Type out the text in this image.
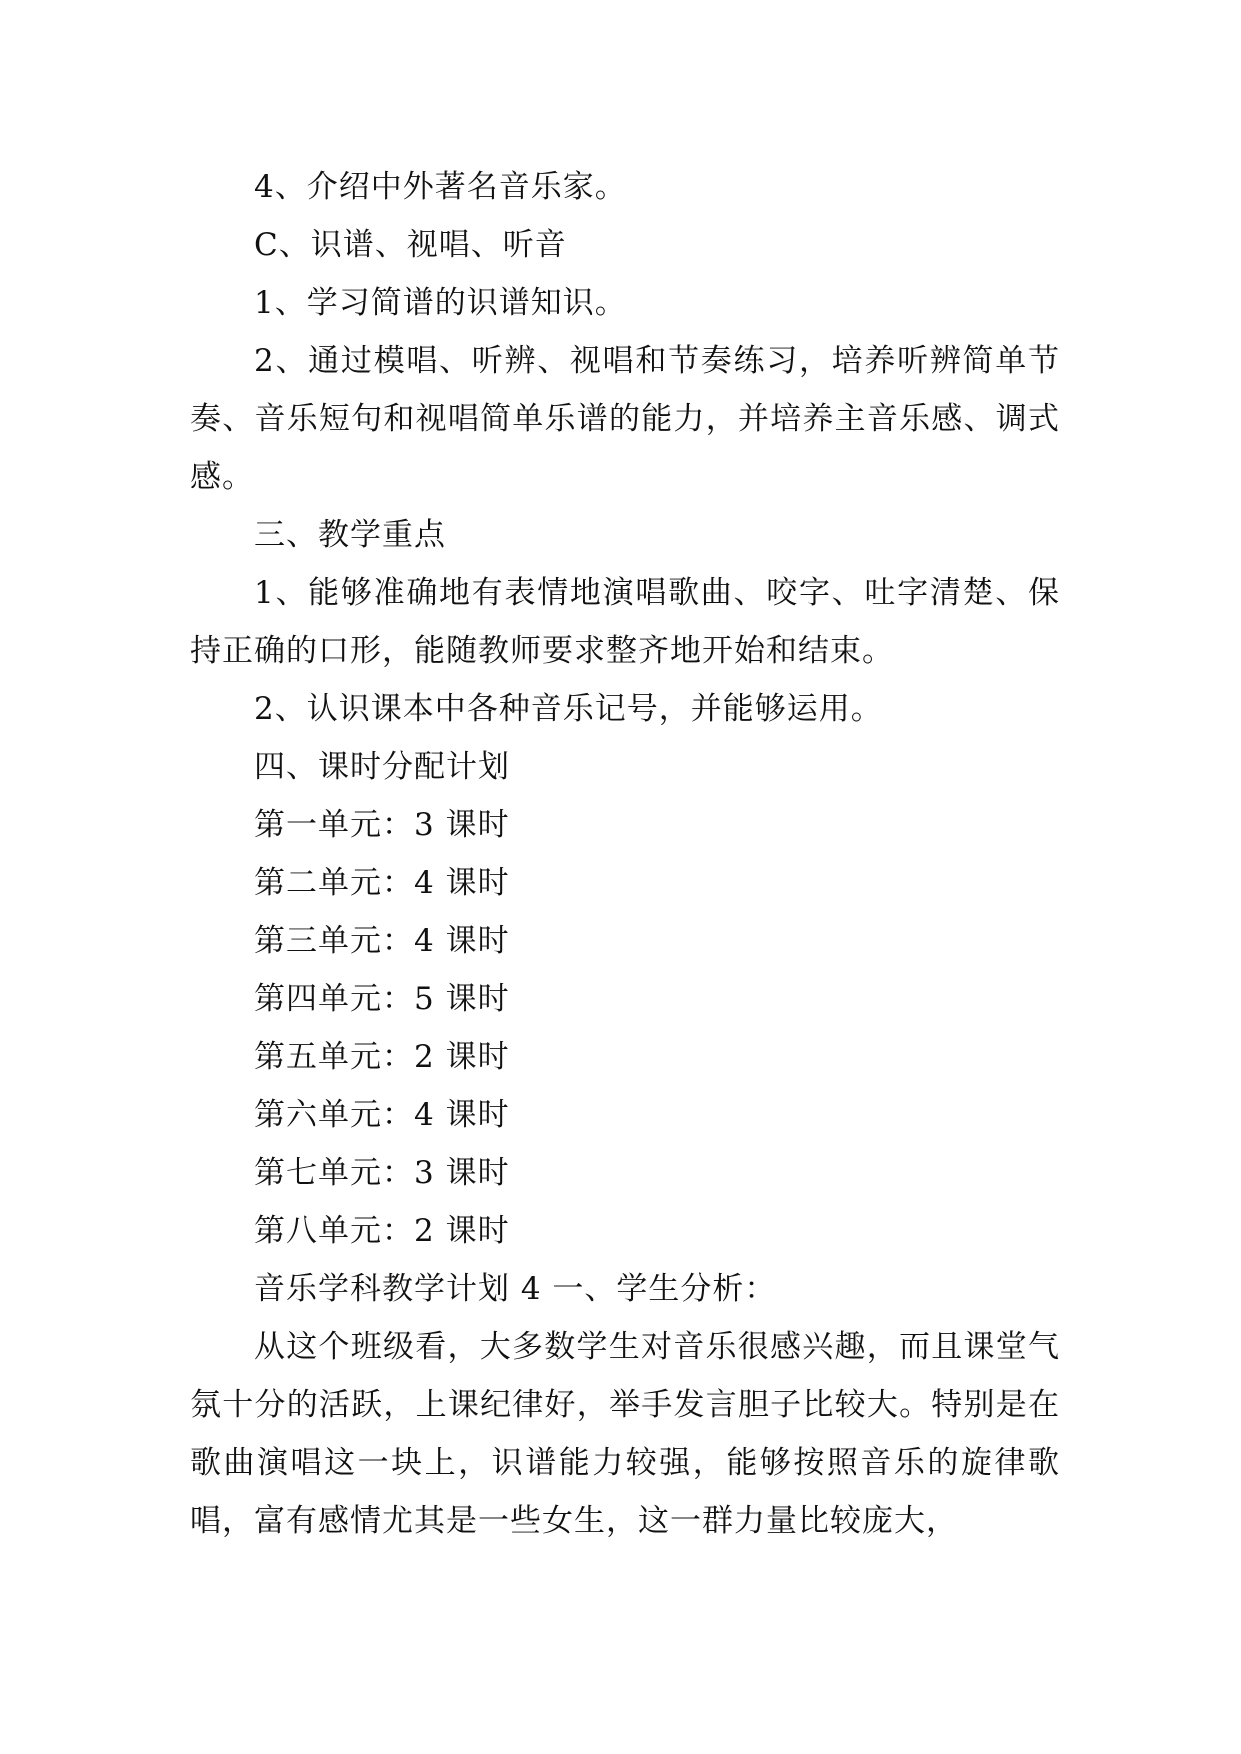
4、介绍中外著名音乐家。

C、识谱、视唱、听音

1、学习简谱的识谱知识。

2、通过模唱、听辨、视唱和节奏练习，培养听辨简单节奏、音乐短句和视唱简单乐谱的能力，并培养主音乐感、调式感。

三、教学重点

1、能够准确地有表情地演唱歌曲、咬字、吐字清楚、保持正确的口形，能随教师要求整齐地开始和结束。

2、认识课本中各种音乐记号，并能够运用。

四、课时分配计划

第一单元：3 课时

第二单元：4 课时

第三单元：4 课时

第四单元：5 课时

第五单元：2 课时

第六单元：4 课时

第七单元：3 课时

第八单元：2 课时

音乐学科教学计划 4 一、学生分析：

从这个班级看，大多数学生对音乐很感兴趣，而且课堂气氛十分的活跃，上课纪律好，举手发言胆子比较大。特别是在歌曲演唱这一块上，识谱能力较强，能够按照音乐的旋律歌唱，富有感情尤其是一些女生，这一群力量比较庞大，
